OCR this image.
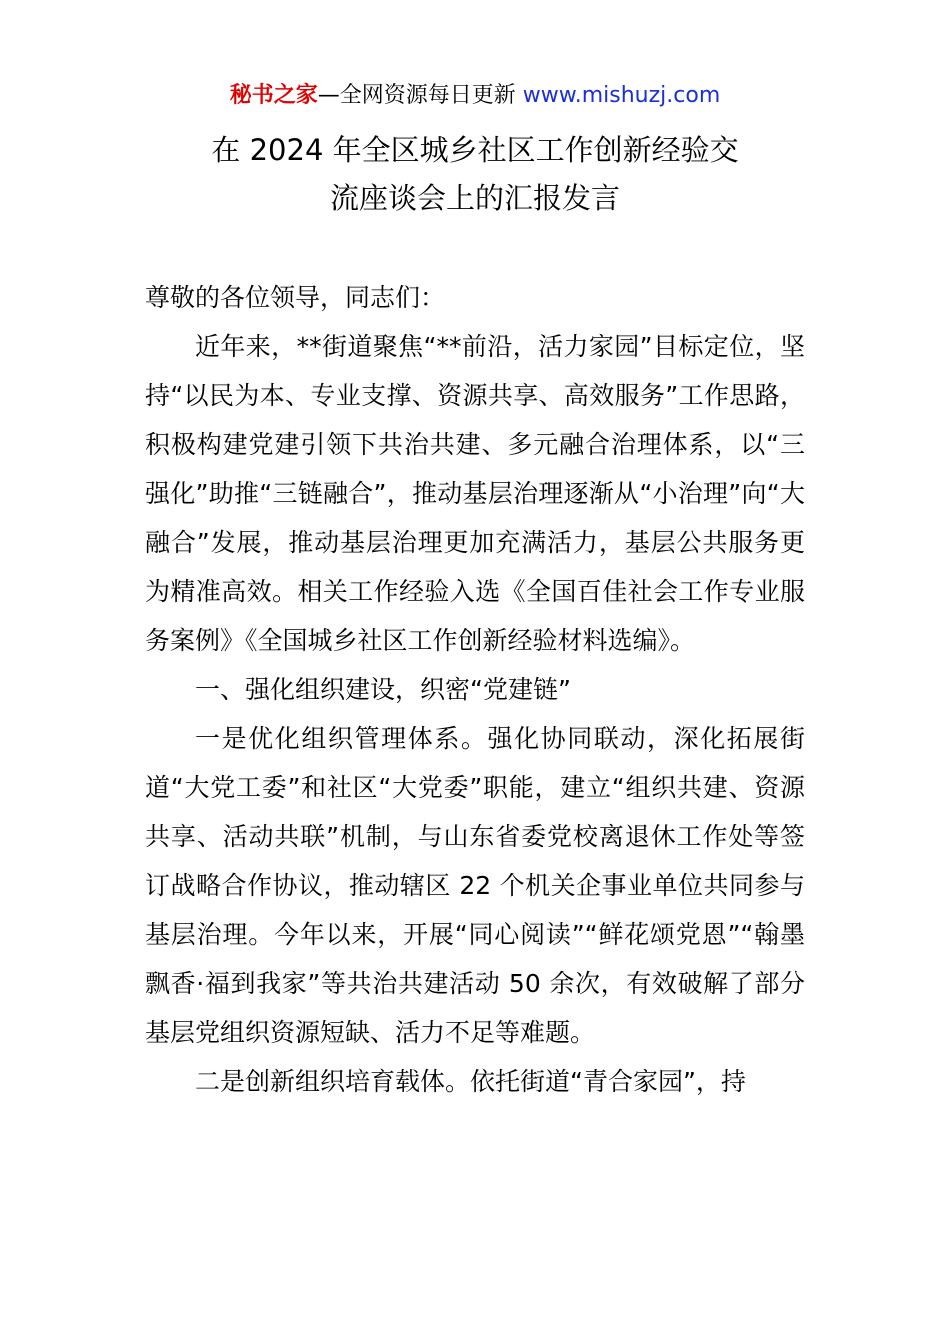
秘书之家—全网资源每日更新 www.mishuzj.com
在 2024 年全区城乡社区工作创新经验交
流座谈会上的汇报发言

尊敬的各位领导，同志们：

近年来，**街道聚焦“**前沿，活力家园”目标定位，坚持“以民为本、专业支撑、资源共享、高效服务”工作思路，积极构建党建引领下共治共建、多元融合治理体系，以“三强化”助推“三链融合”，推动基层治理逐渐从“小治理”向“大融合”发展，推动基层治理更加充满活力，基层公共服务更为精准高效。相关工作经验入选《全国百佳社会工作专业服务案例》《全国城乡社区工作创新经验材料选编》。

一、强化组织建设，织密“党建链”

一是优化组织管理体系。强化协同联动，深化拓展街道“大党工委”和社区“大党委”职能，建立“组织共建、资源共享、活动共联”机制，与山东省委党校离退休工作处等签订战略合作协议，推动辖区 22 个机关企事业单位共同参与基层治理。今年以来，开展“同心阅读”“鲜花颂党恩”“翰墨飘香·福到我家”等共治共建活动 50 余次，有效破解了部分基层党组织资源短缺、活力不足等难题。

二是创新组织培育载体。依托街道“青合家园”，持
